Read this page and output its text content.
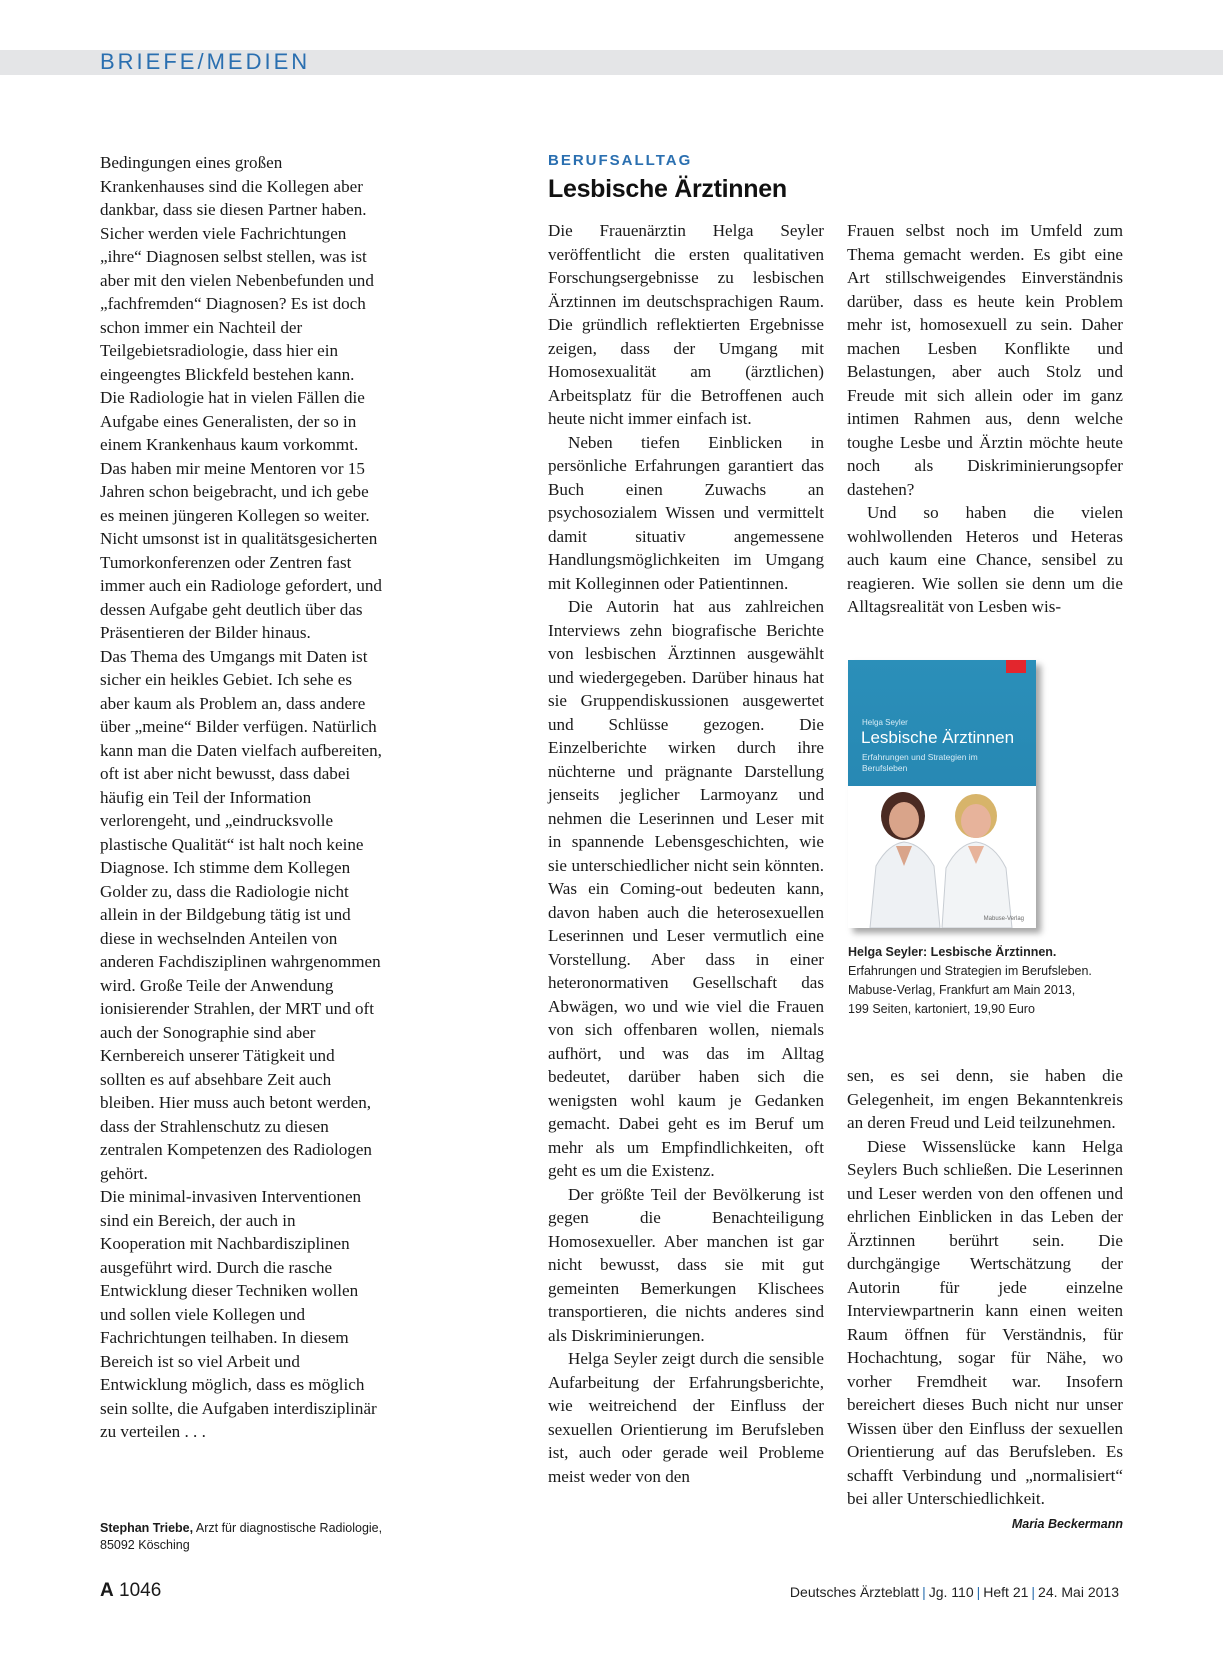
BRIEFE/MEDIEN

Bedingungen eines großen Krankenhauses sind die Kollegen aber dankbar, dass sie diesen Partner haben. Sicher werden viele Fachrichtungen „ihre“ Diagnosen selbst stellen, was ist aber mit den vielen Nebenbefunden und „fachfremden“ Diagnosen? Es ist doch schon immer ein Nachteil der Teilgebietsradiologie, dass hier ein eingeengtes Blickfeld bestehen kann. Die Radiologie hat in vielen Fällen die Aufgabe eines Generalisten, der so in einem Krankenhaus kaum vorkommt. Das haben mir meine Mentoren vor 15 Jahren schon beigebracht, und ich gebe es meinen jüngeren Kollegen so weiter. Nicht umsonst ist in qualitätsgesicherten Tumorkonferenzen oder Zentren fast immer auch ein Radiologe gefordert, und dessen Aufgabe geht deutlich über das Präsentieren der Bilder hinaus.

Das Thema des Umgangs mit Daten ist sicher ein heikles Gebiet. Ich sehe es aber kaum als Problem an, dass andere über „meine“ Bilder verfügen. Natürlich kann man die Daten vielfach aufbereiten, oft ist aber nicht bewusst, dass dabei häufig ein Teil der Information verlorengeht, und „eindrucksvolle plastische Qualität“ ist halt noch keine Diagnose. Ich stimme dem Kollegen Golder zu, dass die Radiologie nicht allein in der Bildgebung tätig ist und diese in wechselnden Anteilen von anderen Fachdisziplinen wahrgenommen wird. Große Teile der Anwendung ionisierender Strahlen, der MRT und oft auch der Sonographie sind aber Kernbereich unserer Tätigkeit und sollten es auf absehbare Zeit auch bleiben. Hier muss auch betont werden, dass der Strahlenschutz zu diesen zentralen Kompetenzen des Radiologen gehört.

Die minimal-invasiven Interventionen sind ein Bereich, der auch in Kooperation mit Nachbardisziplinen ausgeführt wird. Durch die rasche Entwicklung dieser Techniken wollen und sollen viele Kollegen und Fachrichtungen teilhaben. In diesem Bereich ist so viel Arbeit und Entwicklung möglich, dass es möglich sein sollte, die Aufgaben interdisziplinär zu verteilen . . .

Stephan Triebe, Arzt für diagnostische Radiologie,
85092 Kösching
BERUFSALLTAG
Lesbische Ärztinnen

Die Frauenärztin Helga Seyler veröffentlicht die ersten qualitativen Forschungsergebnisse zu lesbischen Ärztinnen im deutschsprachigen Raum. Die gründlich reflektierten Ergebnisse zeigen, dass der Umgang mit Homosexualität am (ärztlichen) Arbeitsplatz für die Betroffenen auch heute nicht immer einfach ist.

Neben tiefen Einblicken in persönliche Erfahrungen garantiert das Buch einen Zuwachs an psychosozialem Wissen und vermittelt damit situativ angemessene Handlungsmöglichkeiten im Umgang mit Kolleginnen oder Patientinnen.

Die Autorin hat aus zahlreichen Interviews zehn biografische Berichte von lesbischen Ärztinnen ausgewählt und wiedergegeben. Darüber hinaus hat sie Gruppendiskussionen ausgewertet und Schlüsse gezogen. Die Einzelberichte wirken durch ihre nüchterne und prägnante Darstellung jenseits jeglicher Larmoyanz und nehmen die Leserinnen und Leser mit in spannende Lebensgeschichten, wie sie unterschiedlicher nicht sein könnten. Was ein Coming-out bedeuten kann, davon haben auch die heterosexuellen Leserinnen und Leser vermutlich eine Vorstellung. Aber dass in einer heteronormativen Gesellschaft das Abwägen, wo und wie viel die Frauen von sich offenbaren wollen, niemals aufhört, und was das im Alltag bedeutet, darüber haben sich die wenigsten wohl kaum je Gedanken gemacht. Dabei geht es im Beruf um mehr als um Empfindlichkeiten, oft geht es um die Existenz.

Der größte Teil der Bevölkerung ist gegen die Benachteiligung Homosexueller. Aber manchen ist gar nicht bewusst, dass sie mit gut gemeinten Bemerkungen Klischees transportieren, die nichts anderes sind als Diskriminierungen.

Helga Seyler zeigt durch die sensible Aufarbeitung der Erfahrungsberichte, wie weitreichend der Einfluss der sexuellen Orientierung im Berufsleben ist, auch oder gerade weil Probleme meist weder von den

Frauen selbst noch im Umfeld zum Thema gemacht werden. Es gibt eine Art stillschweigendes Einverständnis darüber, dass es heute kein Problem mehr ist, homosexuell zu sein. Daher machen Lesben Konflikte und Belastungen, aber auch Stolz und Freude mit sich allein oder im ganz intimen Rahmen aus, denn welche toughe Lesbe und Ärztin möchte heute noch als Diskriminierungsopfer dastehen?

Und so haben die vielen wohlwollenden Heteros und Heteras auch kaum eine Chance, sensibel zu reagieren. Wie sollen sie denn um die Alltagsrealität von Lesben wis-

Helga Seyler
Lesbische Ärztinnen
Erfahrungen und Strategien im Berufsleben
Mabuse-Verlag
Helga Seyler: Lesbische Ärztinnen.
Erfahrungen und Strategien im Berufsleben.
Mabuse-Verlag, Frankfurt am Main 2013,
199 Seiten, kartoniert, 19,90 Euro

sen, es sei denn, sie haben die Gelegenheit, im engen Bekanntenkreis an deren Freud und Leid teilzunehmen.

Diese Wissenslücke kann Helga Seylers Buch schließen. Die Leserinnen und Leser werden von den offenen und ehrlichen Einblicken in das Leben der Ärztinnen berührt sein. Die durchgängige Wertschätzung der Autorin für jede einzelne Interviewpartnerin kann einen weiten Raum öffnen für Verständnis, für Hochachtung, sogar für Nähe, wo vorher Fremdheit war. Insofern bereichert dieses Buch nicht nur unser Wissen über den Einfluss der sexuellen Orientierung auf das Berufsleben. Es schafft Verbindung und „normalisiert“ bei aller Unterschiedlichkeit.
Maria Beckermann

A 1046	Deutsches Ärzteblatt | Jg. 110 | Heft 21 | 24. Mai 2013
